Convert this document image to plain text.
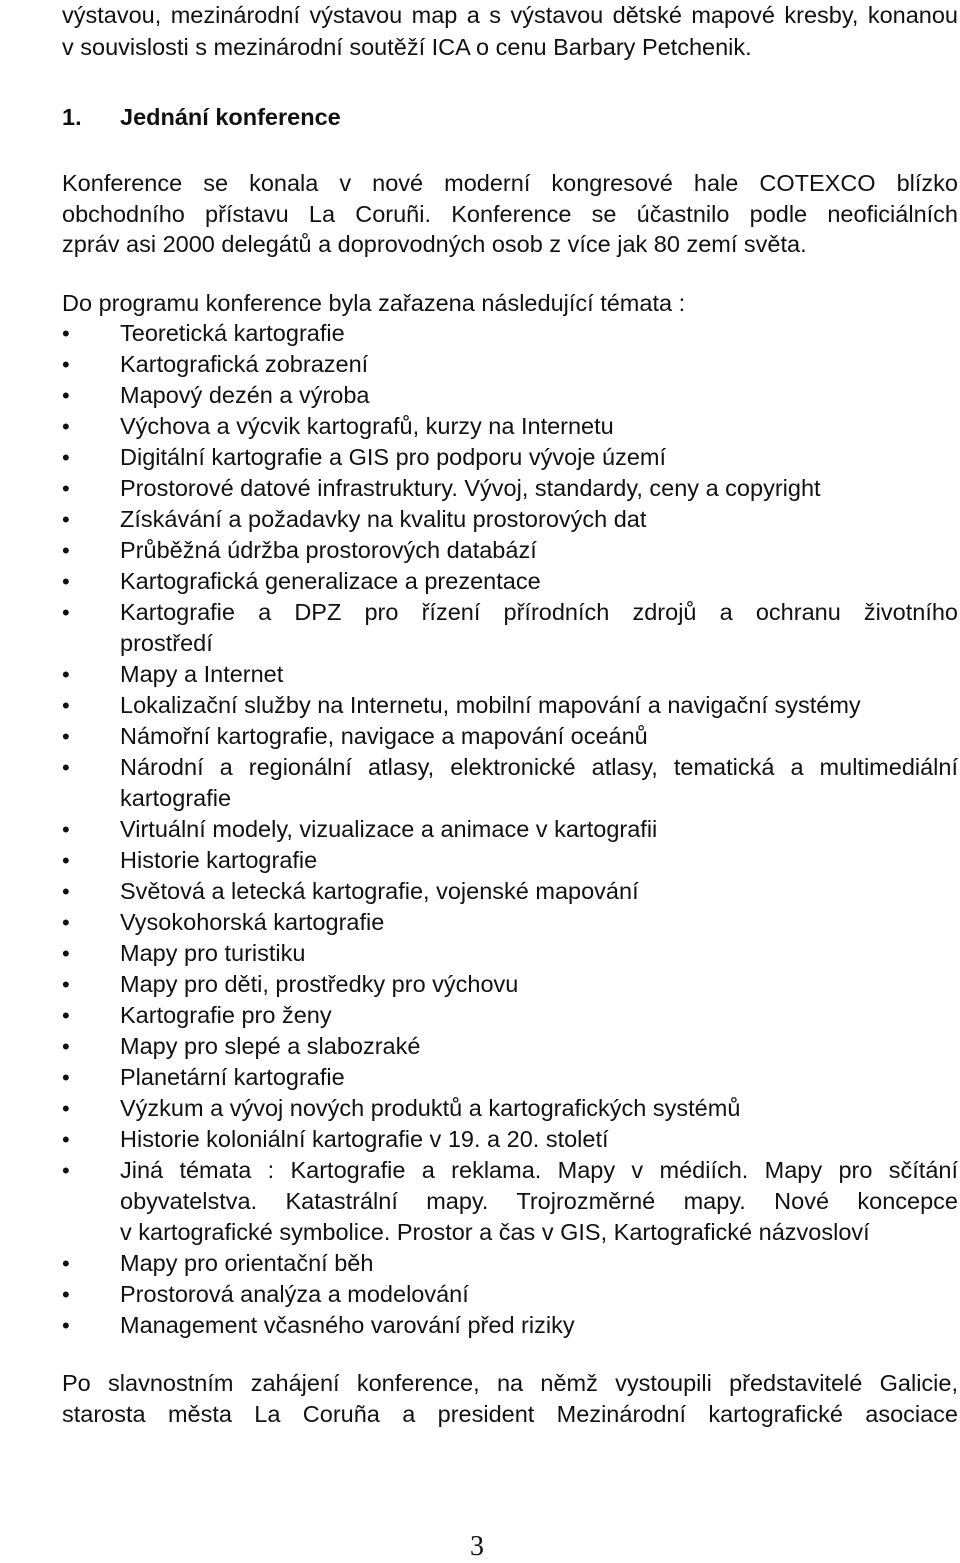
výstavou, mezinárodní výstavou map a s výstavou dětské mapové kresby, konanou
v souvislosti s mezinárodní soutěží ICA o cenu Barbary Petchenik.
1. Jednání konference
Konference se konala v nové moderní kongresové hale COTEXCO blízko
obchodního přístavu La Coruñi. Konference se účastnilo podle neoficiálních
zpráv asi 2000 delegátů a doprovodných osob z více jak 80 zemí světa.
Do programu konference byla zařazena následující témata :
•	Teoretická kartografie
•	Kartografická zobrazení
•	Mapový dezén a výroba
•	Výchova a výcvik kartografů, kurzy na Internetu
•	Digitální kartografie a GIS pro podporu vývoje území
•	Prostorové datové infrastruktury. Vývoj, standardy, ceny a copyright
•	Získávání a požadavky na kvalitu prostorových dat
•	Průběžná údržba prostorových databází
•	Kartografická generalizace a prezentace
•	Kartografie a DPZ pro řízení přírodních zdrojů a ochranu životního
prostředí
•	Mapy a Internet
•	Lokalizační služby na Internetu, mobilní mapování a navigační systémy
•	Námořní kartografie, navigace a mapování oceánů
•	Národní a regionální atlasy, elektronické atlasy, tematická a multimediální
kartografie
•	Virtuální modely, vizualizace a animace v kartografii
•	Historie kartografie
•	Světová a letecká kartografie, vojenské mapování
•	Vysokohorská kartografie
•	Mapy pro turistiku
•	Mapy pro děti, prostředky pro výchovu
•	Kartografie pro ženy
•	Mapy pro slepé a slabozraké
•	Planetární kartografie
•	Výzkum a vývoj nových produktů a kartografických systémů
•	Historie koloniální kartografie v 19. a 20. století
•	Jiná témata : Kartografie a reklama. Mapy v médiích. Mapy pro sčítání
obyvatelstva. Katastrální mapy. Trojrozměrné mapy. Nové koncepce
v kartografické symbolice. Prostor a čas v GIS, Kartografické názvosloví
•	Mapy pro orientační běh
•	Prostorová analýza a modelování
•	Management včasného varování před riziky
Po slavnostním zahájení konference, na němž vystoupili představitelé Galicie,
starosta města La Coruña a president Mezinárodní kartografické asociace
3
